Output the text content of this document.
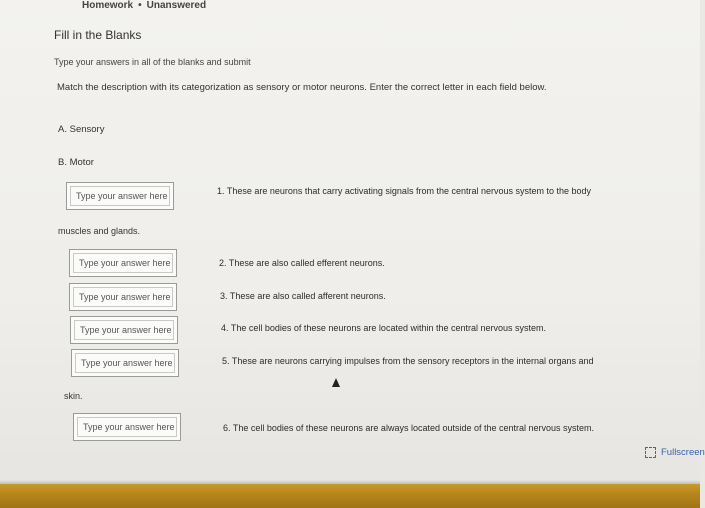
Homework • Unanswered
Fill in the Blanks
Type your answers in all of the blanks and submit
Match the description with its categorization as sensory or motor neurons. Enter the correct letter in each field below.
A. Sensory
B. Motor
Type your answer here	1. These are neurons that carry activating signals from the central nervous system to the body
muscles and glands.
Type your answer here	2. These are also called efferent neurons.
Type your answer here	3. These are also called afferent neurons.
Type your answer here	4. The cell bodies of these neurons are located within the central nervous system.
Type your answer here	5. These are neurons carrying impulses from the sensory receptors in the internal organs and
skin.
Type your answer here	6. The cell bodies of these neurons are always located outside of the central nervous system.
Fullscreen
